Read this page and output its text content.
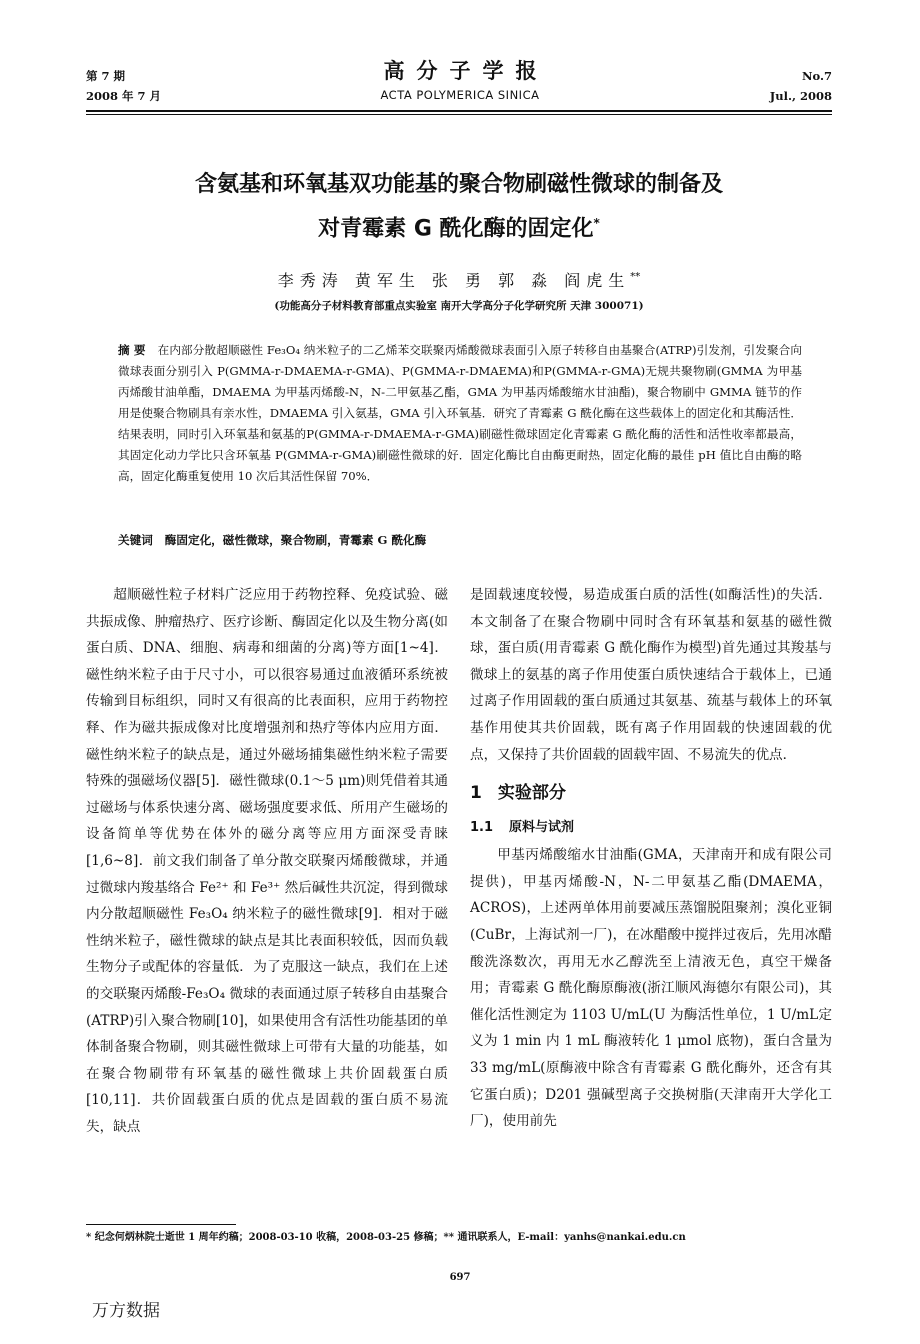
第 7 期
2008 年 7 月
高分子学报
ACTA POLYMERICA SINICA
No.7
Jul., 2008
含氨基和环氧基双功能基的聚合物刷磁性微球的制备及
对青霉素 G 酰化酶的固定化*
李秀涛 黄军生 张 勇 郭 淼 阎虎生**
(功能高分子材料教育部重点实验室 南开大学高分子化学研究所 天津 300071)
摘 要 在内部分散超顺磁性 Fe₃O₄ 纳米粒子的二乙烯苯交联聚丙烯酸微球表面引入原子转移自由基聚合(ATRP)引发剂，引发聚合向微球表面分别引入 P(GMMA-r-DMAEMA-r-GMA)、P(GMMA-r-DMAEMA)和P(GMMA-r-GMA)无规共聚物刷(GMMA 为甲基丙烯酸甘油单酯，DMAEMA 为甲基丙烯酸-N，N-二甲氨基乙酯，GMA 为甲基丙烯酸缩水甘油酯)，聚合物刷中 GMMA 链节的作用是使聚合物刷具有亲水性，DMAEMA 引入氨基，GMA 引入环氧基．研究了青霉素 G 酰化酶在这些载体上的固定化和其酶活性．结果表明，同时引入环氧基和氨基的P(GMMA-r-DMAEMA-r-GMA)刷磁性微球固定化青霉素 G 酰化酶的活性和活性收率都最高，其固定化动力学比只含环氧基 P(GMMA-r-GMA)刷磁性微球的好．固定化酶比自由酶更耐热，固定化酶的最佳 pH 值比自由酶的略高，固定化酶重复使用 10 次后其活性保留 70%．
关键词 酶固定化，磁性微球，聚合物刷，青霉素 G 酰化酶

超顺磁性粒子材料广泛应用于药物控释、免疫试验、磁共振成像、肿瘤热疗、医疗诊断、酶固定化以及生物分离(如蛋白质、DNA、细胞、病毒和细菌的分离)等方面[1~4]．磁性纳米粒子由于尺寸小，可以很容易通过血液循环系统被传输到目标组织，同时又有很高的比表面积，应用于药物控释、作为磁共振成像对比度增强剂和热疗等体内应用方面．磁性纳米粒子的缺点是，通过外磁场捕集磁性纳米粒子需要特殊的强磁场仪器[5]．磁性微球(0.1～5 μm)则凭借着其通过磁场与体系快速分离、磁场强度要求低、所用产生磁场的设备简单等优势在体外的磁分离等应用方面深受青睐[1,6~8]．前文我们制备了单分散交联聚丙烯酸微球，并通过微球内羧基络合 Fe²⁺ 和 Fe³⁺ 然后碱性共沉淀，得到微球内分散超顺磁性 Fe₃O₄ 纳米粒子的磁性微球[9]．相对于磁性纳米粒子，磁性微球的缺点是其比表面积较低，因而负载生物分子或配体的容量低．为了克服这一缺点，我们在上述的交联聚丙烯酸-Fe₃O₄ 微球的表面通过原子转移自由基聚合(ATRP)引入聚合物刷[10]，如果使用含有活性功能基团的单体制备聚合物刷，则其磁性微球上可带有大量的功能基，如在聚合物刷带有环氧基的磁性微球上共价固载蛋白质[10,11]．共价固载蛋白质的优点是固载的蛋白质不易流失，缺点

是固载速度较慢，易造成蛋白质的活性(如酶活性)的失活．本文制备了在聚合物刷中同时含有环氧基和氨基的磁性微球，蛋白质(用青霉素 G 酰化酶作为模型)首先通过其羧基与微球上的氨基的离子作用使蛋白质快速结合于载体上，已通过离子作用固载的蛋白质通过其氨基、巯基与载体上的环氧基作用使其共价固载，既有离子作用固载的快速固载的优点，又保持了共价固载的固载牢固、不易流失的优点．

1 实验部分
1.1 原料与试剂

甲基丙烯酸缩水甘油酯(GMA，天津南开和成有限公司提供)，甲基丙烯酸-N，N-二甲氨基乙酯(DMAEMA，ACROS)，上述两单体用前要减压蒸馏脱阻聚剂；溴化亚铜(CuBr，上海试剂一厂)，在冰醋酸中搅拌过夜后，先用冰醋酸洗涤数次，再用无水乙醇洗至上清液无色，真空干燥备用；青霉素 G 酰化酶原酶液(浙江顺风海德尔有限公司)，其催化活性测定为 1103 U/mL(U 为酶活性单位，1 U/mL定义为 1 min 内 1 mL 酶液转化 1 μmol 底物)，蛋白含量为 33 mg/mL(原酶液中除含有青霉素 G 酰化酶外，还含有其它蛋白质)；D201 强碱型离子交换树脂(天津南开大学化工厂)，使用前先

* 纪念何炳林院士逝世 1 周年约稿；2008-03-10 收稿，2008-03-25 修稿；** 通讯联系人，E-mail：yanhs@nankai.edu.cn
697
万方数据
